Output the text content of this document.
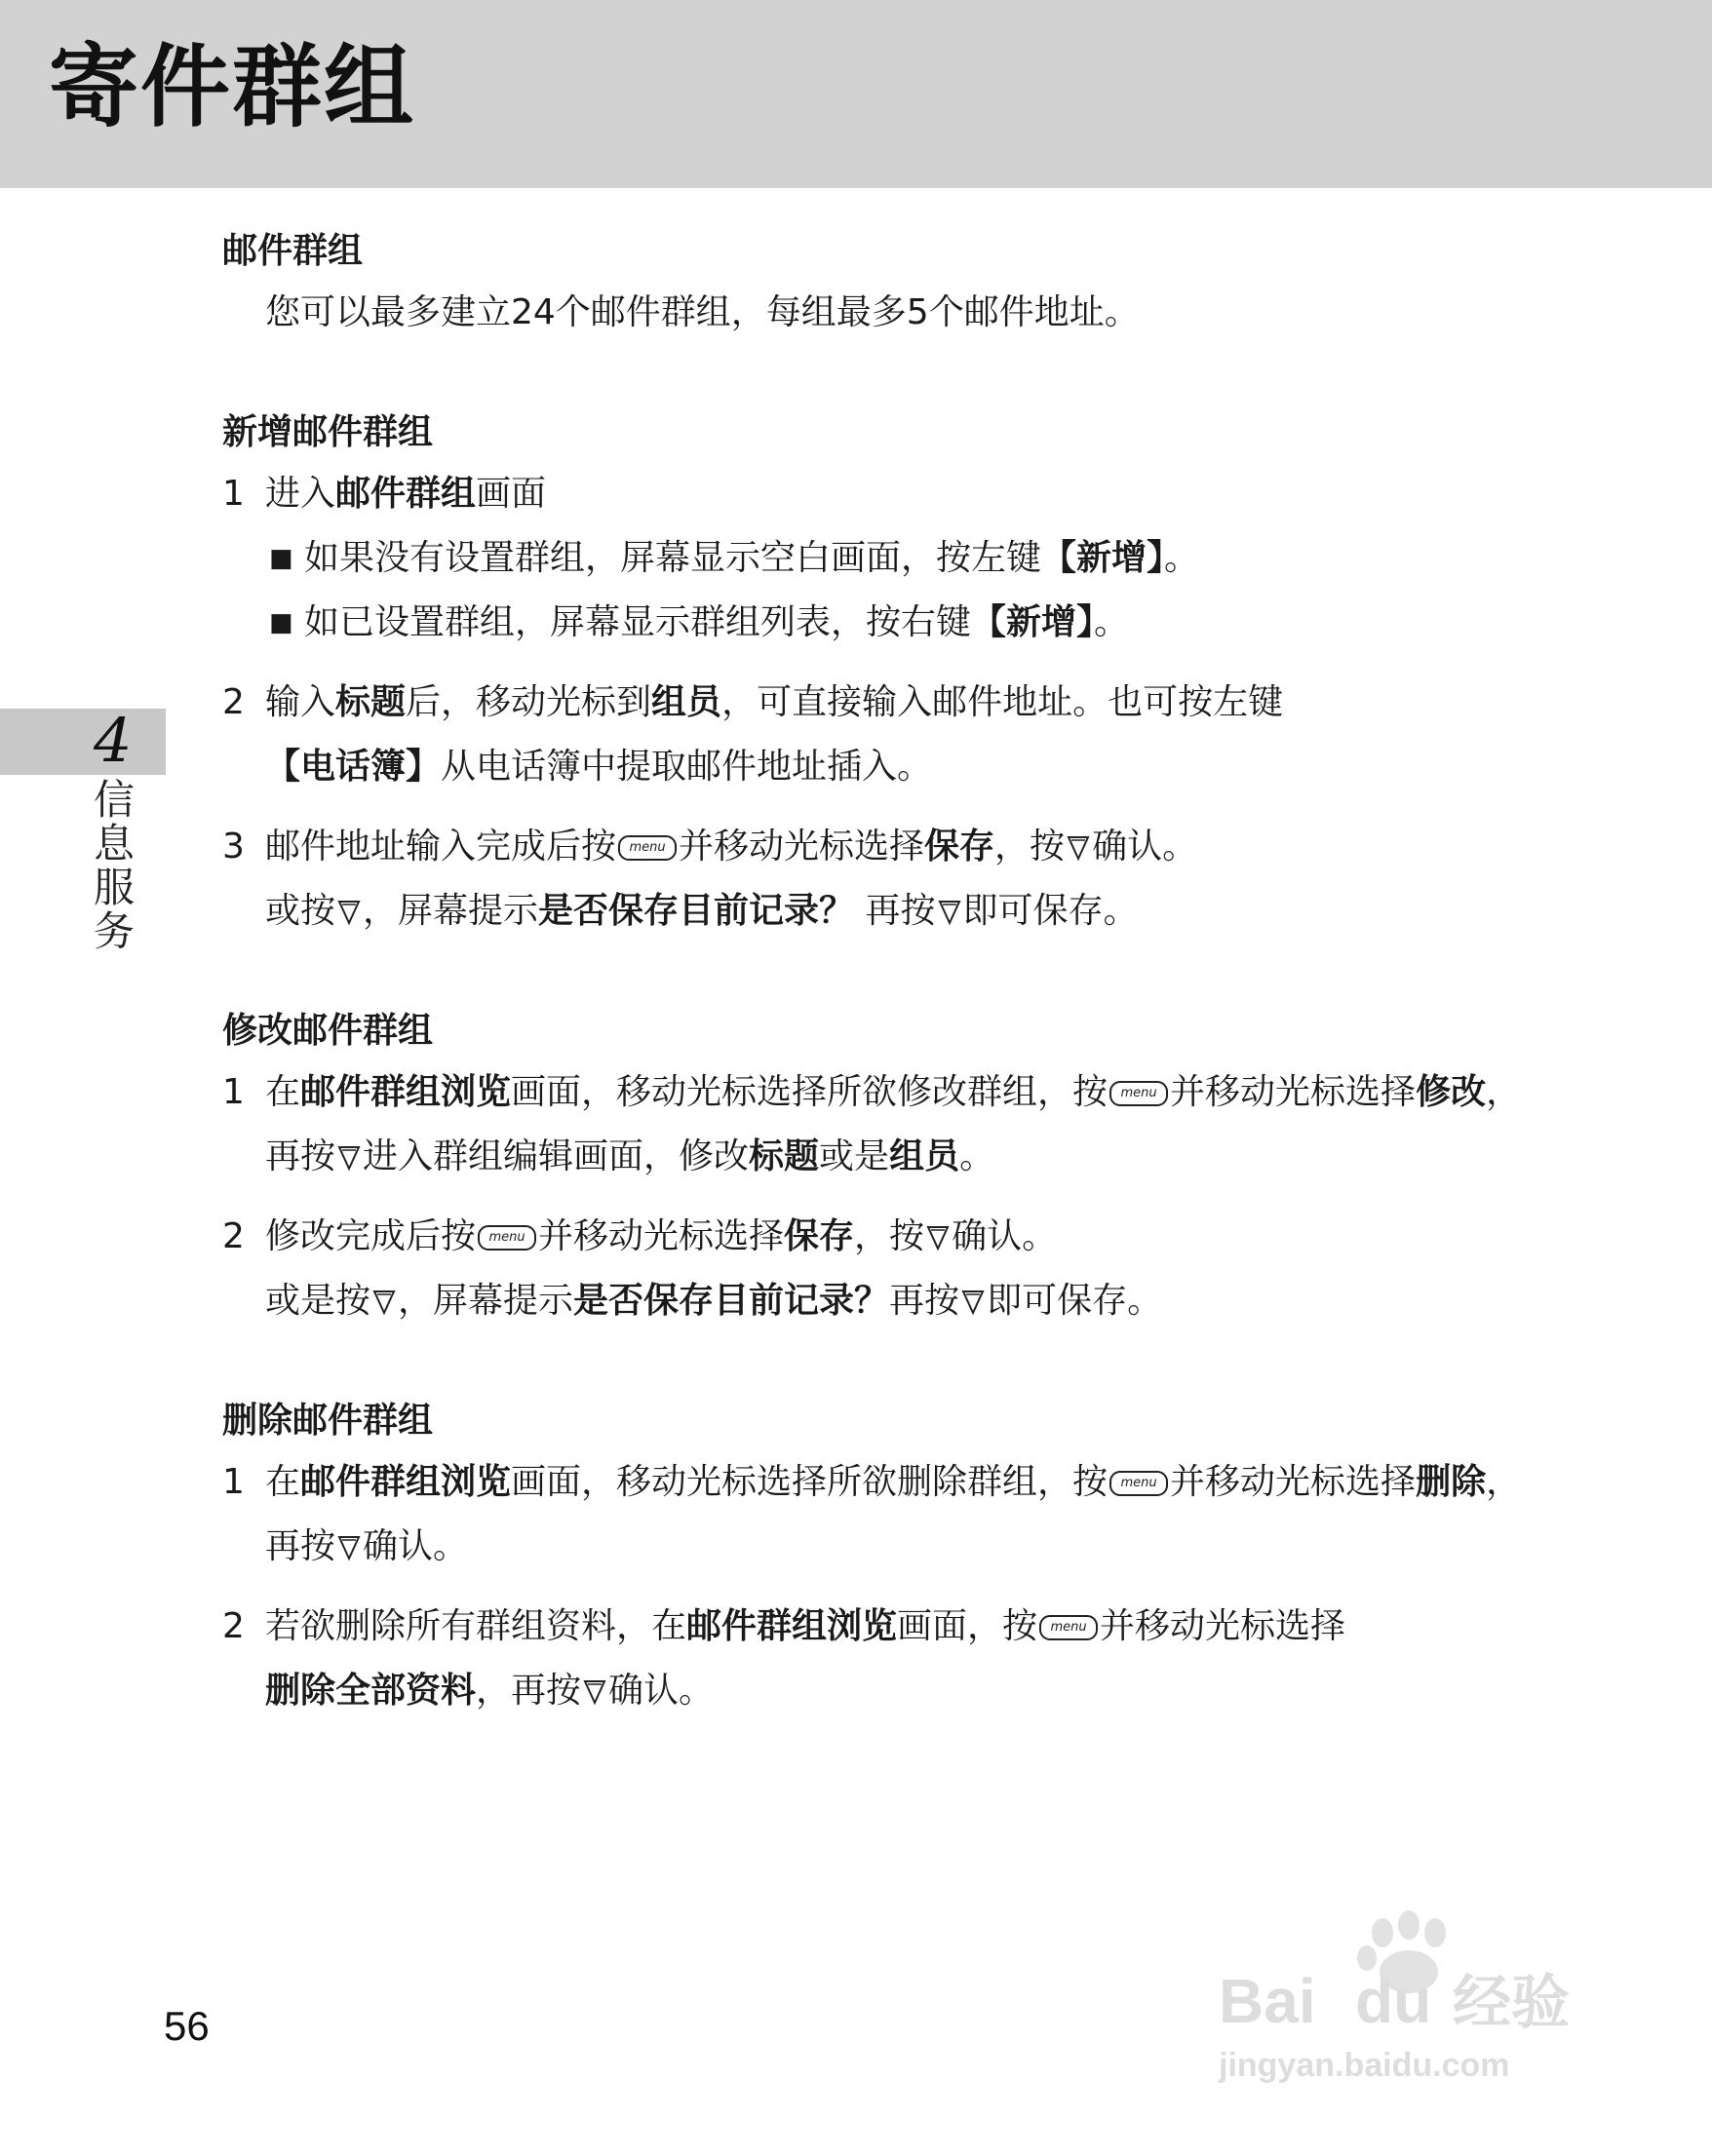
寄件群组
4
信息服务
邮件群组
您可以最多建立24个邮件群组，每组最多5个邮件地址。
新增邮件群组
1 进入邮件群组画面
■ 如果没有设置群组，屏幕显示空白画面，按左键【新增】。
■ 如已设置群组，屏幕显示群组列表，按右键【新增】。
2 输入标题后，移动光标到组员，可直接输入邮件地址。也可按左键
【电话簿】从电话簿中提取邮件地址插入。
3 邮件地址输入完成后按 menu 并移动光标选择保存，按 确认。
或按 ，屏幕提示是否保存目前记录？ 再按 即可保存。
修改邮件群组
1 在邮件群组浏览画面，移动光标选择所欲修改群组，按 menu 并移动光标选择修改，再按 进入群组编辑画面，修改标题或是组员。
2 修改完成后按 menu 并移动光标选择保存，按 确认。
或是按 ，屏幕提示是否保存目前记录？再按 即可保存。
删除邮件群组
1 在邮件群组浏览画面，移动光标选择所欲删除群组，按 menu 并移动光标选择删除，再按 确认。
2 若欲删除所有群组资料，在邮件群组浏览画面，按 menu 并移动光标选择
删除全部资料，再按 确认。
56	Bai du 经验
jingyan.baidu.com
